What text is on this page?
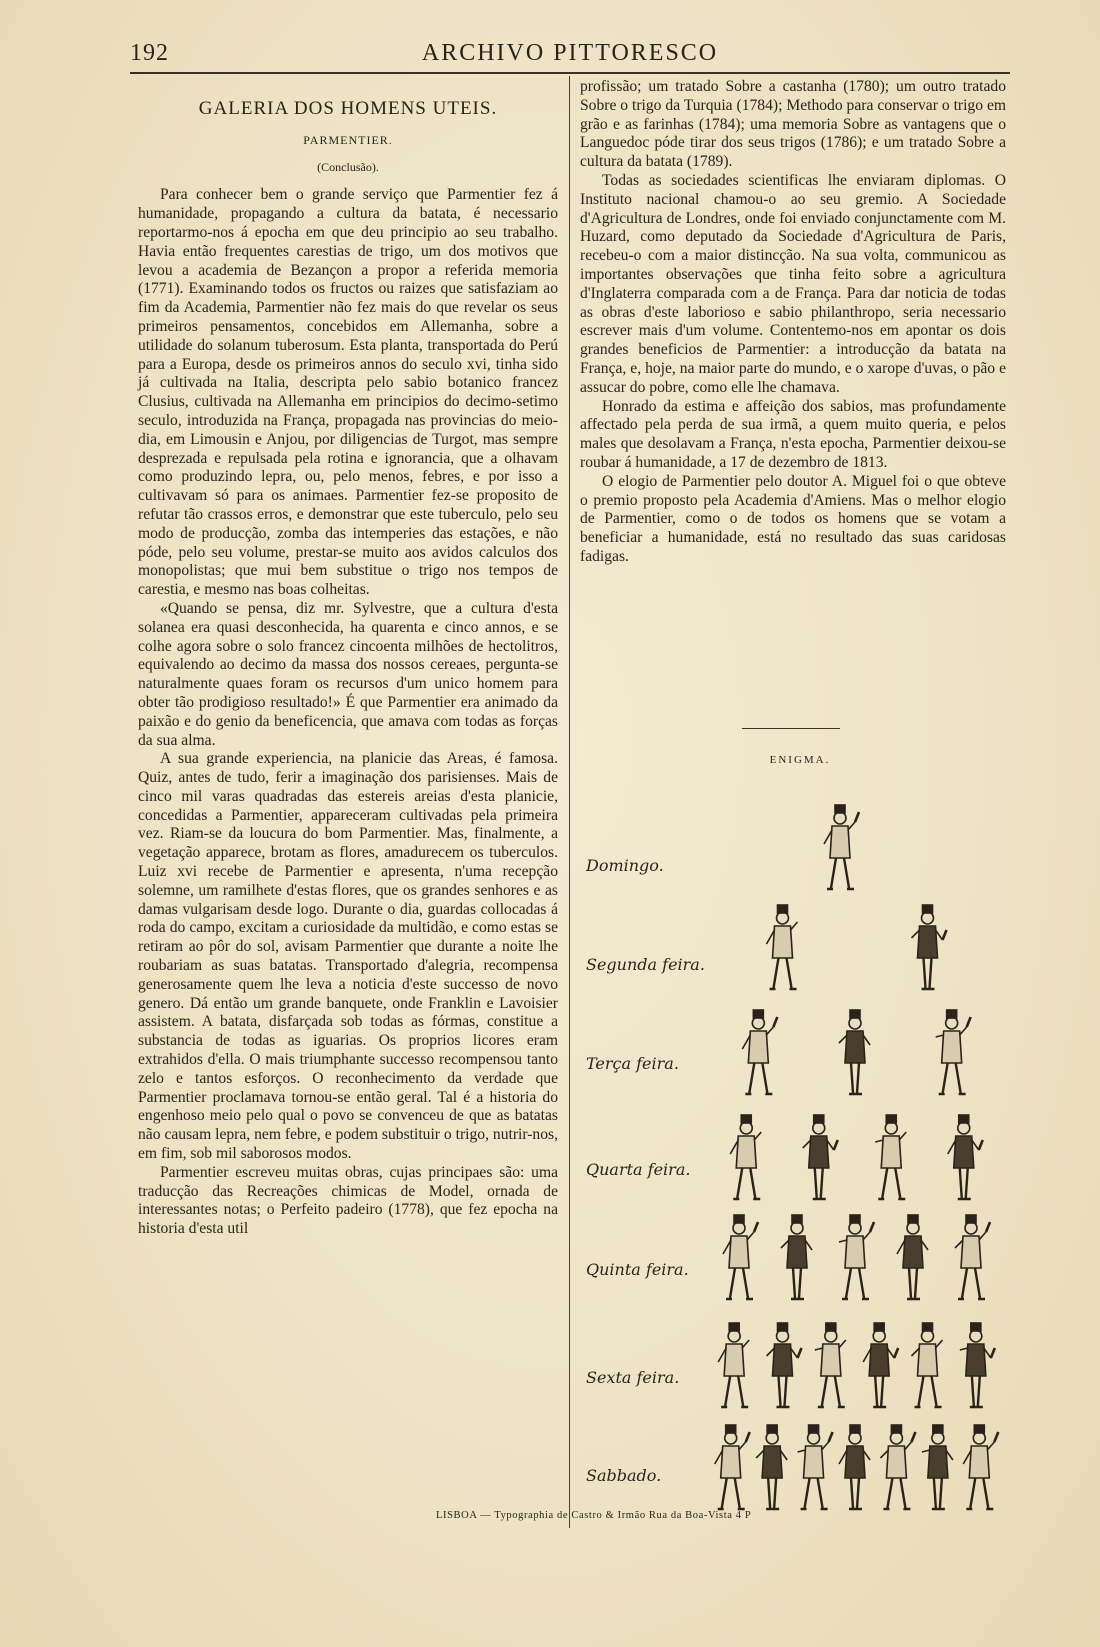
192	ARCHIVO PITTORESCO
GALERIA DOS HOMENS UTEIS.
PARMENTIER.
(Conclusão).

Para conhecer bem o grande serviço que Parmentier fez á humanidade, propagando a cultura da batata, é necessario reportarmo-nos á epocha em que deu principio ao seu trabalho. Havia então frequentes carestias de trigo, um dos motivos que levou a academia de Bezançon a propor a referida memoria (1771). Examinando todos os fructos ou raizes que satisfaziam ao fim da Academia, Parmentier não fez mais do que revelar os seus primeiros pensamentos, concebidos em Allemanha, sobre a utilidade do solanum tuberosum. Esta planta, transportada do Perú para a Europa, desde os primeiros annos do seculo xvi, tinha sido já cultivada na Italia, descripta pelo sabio botanico francez Clusius, cultivada na Allemanha em principios do decimo-setimo seculo, introduzida na França, propagada nas provincias do meio-dia, em Limousin e Anjou, por diligencias de Turgot, mas sempre desprezada e repulsada pela rotina e ignorancia, que a olhavam como produzindo lepra, ou, pelo menos, febres, e por isso a cultivavam só para os animaes. Parmentier fez-se proposito de refutar tão crassos erros, e demonstrar que este tuberculo, pelo seu modo de producção, zomba das intemperies das estações, e não póde, pelo seu volume, prestar-se muito aos avidos calculos dos monopolistas; que mui bem substitue o trigo nos tempos de carestia, e mesmo nas boas colheitas.

«Quando se pensa, diz mr. Sylvestre, que a cultura d'esta solanea era quasi desconhecida, ha quarenta e cinco annos, e se colhe agora sobre o solo francez cincoenta milhões de hectolitros, equivalendo ao decimo da massa dos nossos cereaes, pergunta-se naturalmente quaes foram os recursos d'um unico homem para obter tão prodigioso resultado!» É que Parmentier era animado da paixão e do genio da beneficencia, que amava com todas as forças da sua alma.

A sua grande experiencia, na planicie das Areas, é famosa. Quiz, antes de tudo, ferir a imaginação dos parisienses. Mais de cinco mil varas quadradas das estereis areias d'esta planicie, concedidas a Parmentier, appareceram cultivadas pela primeira vez. Riam-se da loucura do bom Parmentier. Mas, finalmente, a vegetação apparece, brotam as flores, amadurecem os tuberculos. Luiz xvi recebe de Parmentier e apresenta, n'uma recepção solemne, um ramilhete d'estas flores, que os grandes senhores e as damas vulgarisam desde logo. Durante o dia, guardas collocadas á roda do campo, excitam a curiosidade da multidão, e como estas se retiram ao pôr do sol, avisam Parmentier que durante a noite lhe roubariam as suas batatas. Transportado d'alegria, recompensa generosamente quem lhe leva a noticia d'este successo de novo genero. Dá então um grande banquete, onde Franklin e Lavoisier assistem. A batata, disfarçada sob todas as fórmas, constitue a substancia de todas as iguarias. Os proprios licores eram extrahidos d'ella. O mais triumphante successo recompensou tanto zelo e tantos esforços. O reconhecimento da verdade que Parmentier proclamava tornou-se então geral. Tal é a historia do engenhoso meio pelo qual o povo se convenceu de que as batatas não causam lepra, nem febre, e podem substituir o trigo, nutrir-nos, em fim, sob mil saborosos modos.

Parmentier escreveu muitas obras, cujas principaes são: uma traducção das Recreações chimicas de Model, ornada de interessantes notas; o Perfeito padeiro (1778), que fez epocha na historia d'esta util

profissão; um tratado Sobre a castanha (1780); um outro tratado Sobre o trigo da Turquia (1784); Methodo para conservar o trigo em grão e as farinhas (1784); uma memoria Sobre as vantagens que o Languedoc póde tirar dos seus trigos (1786); e um tratado Sobre a cultura da batata (1789).

Todas as sociedades scientificas lhe enviaram diplomas. O Instituto nacional chamou-o ao seu gremio. A Sociedade d'Agricultura de Londres, onde foi enviado conjunctamente com M. Huzard, como deputado da Sociedade d'Agricultura de Paris, recebeu-o com a maior distincção. Na sua volta, communicou as importantes observações que tinha feito sobre a agricultura d'Inglaterra comparada com a de França. Para dar noticia de todas as obras d'este laborioso e sabio philanthropo, seria necessario escrever mais d'um volume. Contentemo-nos em apontar os dois grandes beneficios de Parmentier: a introducção da batata na França, e, hoje, na maior parte do mundo, e o xarope d'uvas, o pão e assucar do pobre, como elle lhe chamava.

Honrado da estima e affeição dos sabios, mas profundamente affectado pela perda de sua irmã, a quem muito queria, e pelos males que desolavam a França, n'esta epocha, Parmentier deixou-se roubar á humanidade, a 17 de dezembro de 1813.

O elogio de Parmentier pelo doutor A. Miguel foi o que obteve o premio proposto pela Academia d'Amiens. Mas o melhor elogio de Parmentier, como o de todos os homens que se votam a beneficiar a humanidade, está no resultado das suas caridosas fadigas.

ENIGMA.
Domingo.
Segunda feira.
Terça feira.
Quarta feira.
Quinta feira.
Sexta feira.
Sabbado.
LISBOA — Typographia de Castro & Irmão Rua da Boa-Vista 4 P
